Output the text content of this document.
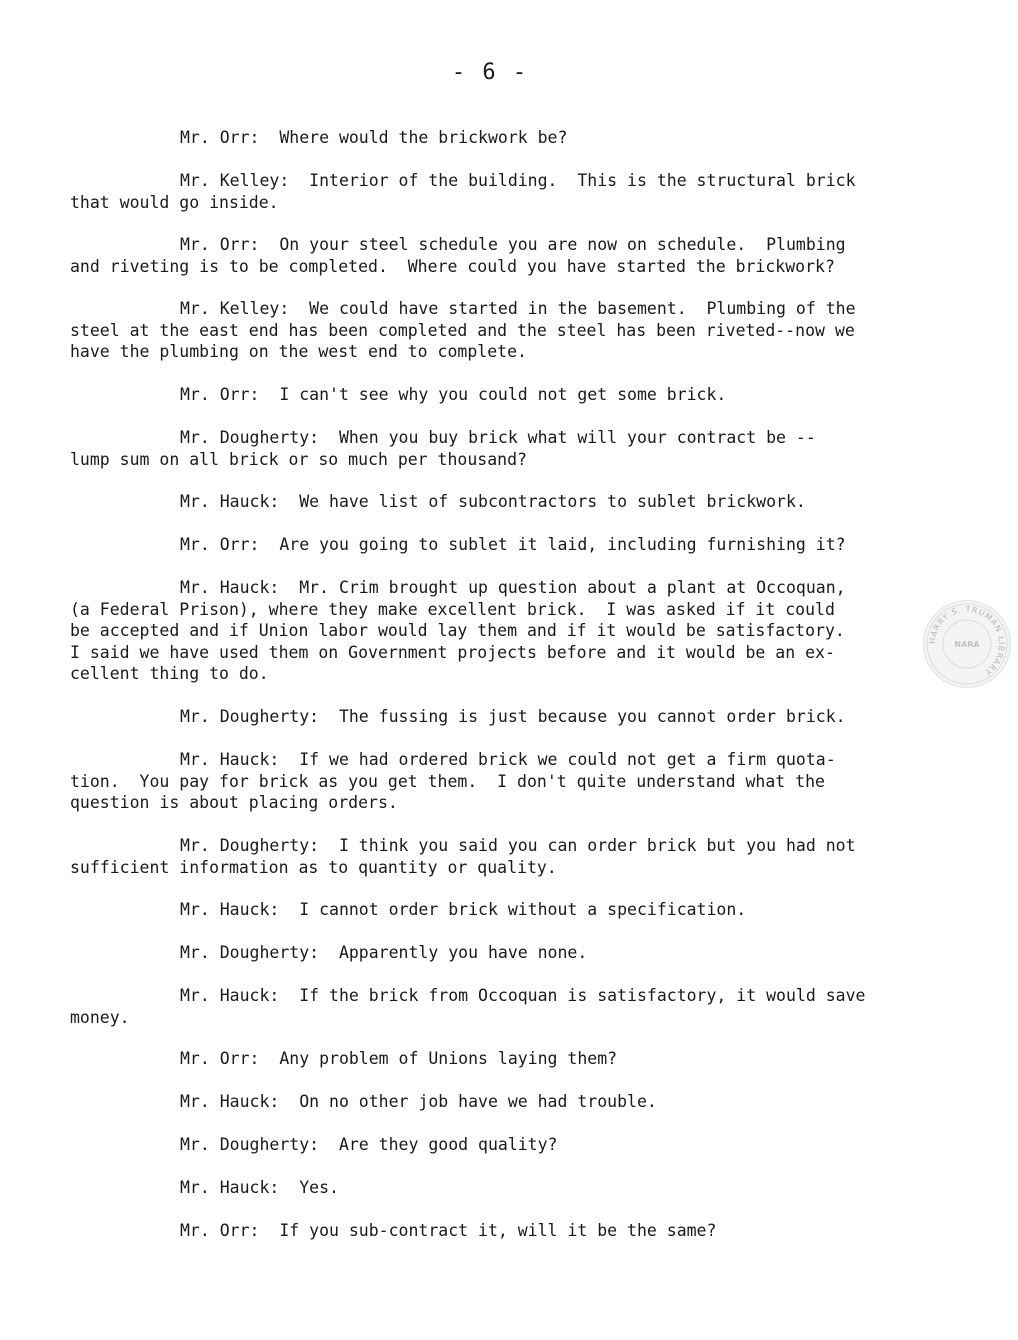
- 6 -
HARRY S. TRUMAN LIBRARY
NARA
Mr. Orr:  Where would the brickwork be?
Mr. Kelley:  Interior of the building.  This is the structural brick
that would go inside.
Mr. Orr:  On your steel schedule you are now on schedule.  Plumbing
and riveting is to be completed.  Where could you have started the brickwork?
Mr. Kelley:  We could have started in the basement.  Plumbing of the
steel at the east end has been completed and the steel has been riveted--now we
have the plumbing on the west end to complete.
Mr. Orr:  I can't see why you could not get some brick.
Mr. Dougherty:  When you buy brick what will your contract be --
lump sum on all brick or so much per thousand?
Mr. Hauck:  We have list of subcontractors to sublet brickwork.
Mr. Orr:  Are you going to sublet it laid, including furnishing it?
Mr. Hauck:  Mr. Crim brought up question about a plant at Occoquan,
(a Federal Prison), where they make excellent brick.  I was asked if it could
be accepted and if Union labor would lay them and if it would be satisfactory.
I said we have used them on Government projects before and it would be an ex-
cellent thing to do.
Mr. Dougherty:  The fussing is just because you cannot order brick.
Mr. Hauck:  If we had ordered brick we could not get a firm quota-
tion.  You pay for brick as you get them.  I don't quite understand what the
question is about placing orders.
Mr. Dougherty:  I think you said you can order brick but you had not
sufficient information as to quantity or quality.
Mr. Hauck:  I cannot order brick without a specification.
Mr. Dougherty:  Apparently you have none.
Mr. Hauck:  If the brick from Occoquan is satisfactory, it would save
money.
Mr. Orr:  Any problem of Unions laying them?
Mr. Hauck:  On no other job have we had trouble.
Mr. Dougherty:  Are they good quality?
Mr. Hauck:  Yes.
Mr. Orr:  If you sub-contract it, will it be the same?
